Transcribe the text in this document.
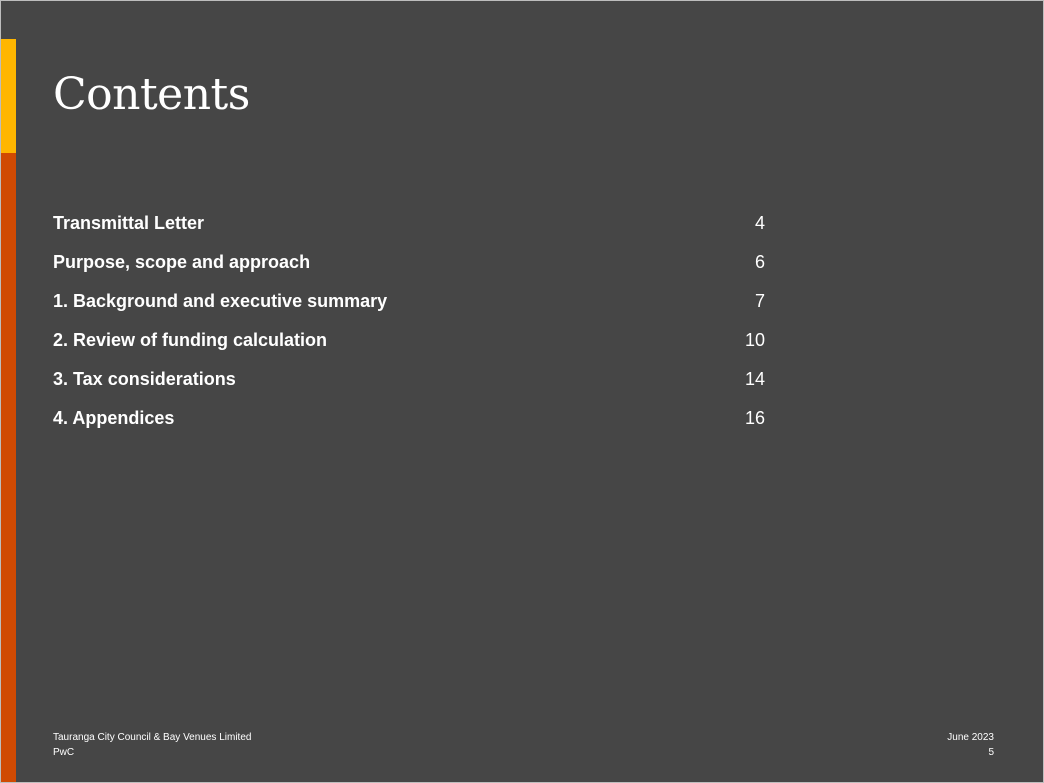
Contents
Transmittal Letter	4
Purpose, scope and approach	6
1. Background and executive summary	7
2. Review of funding calculation	10
3. Tax considerations	14
4. Appendices	16
Tauranga City Council & Bay Venues Limited
PwC
June 2023
5
